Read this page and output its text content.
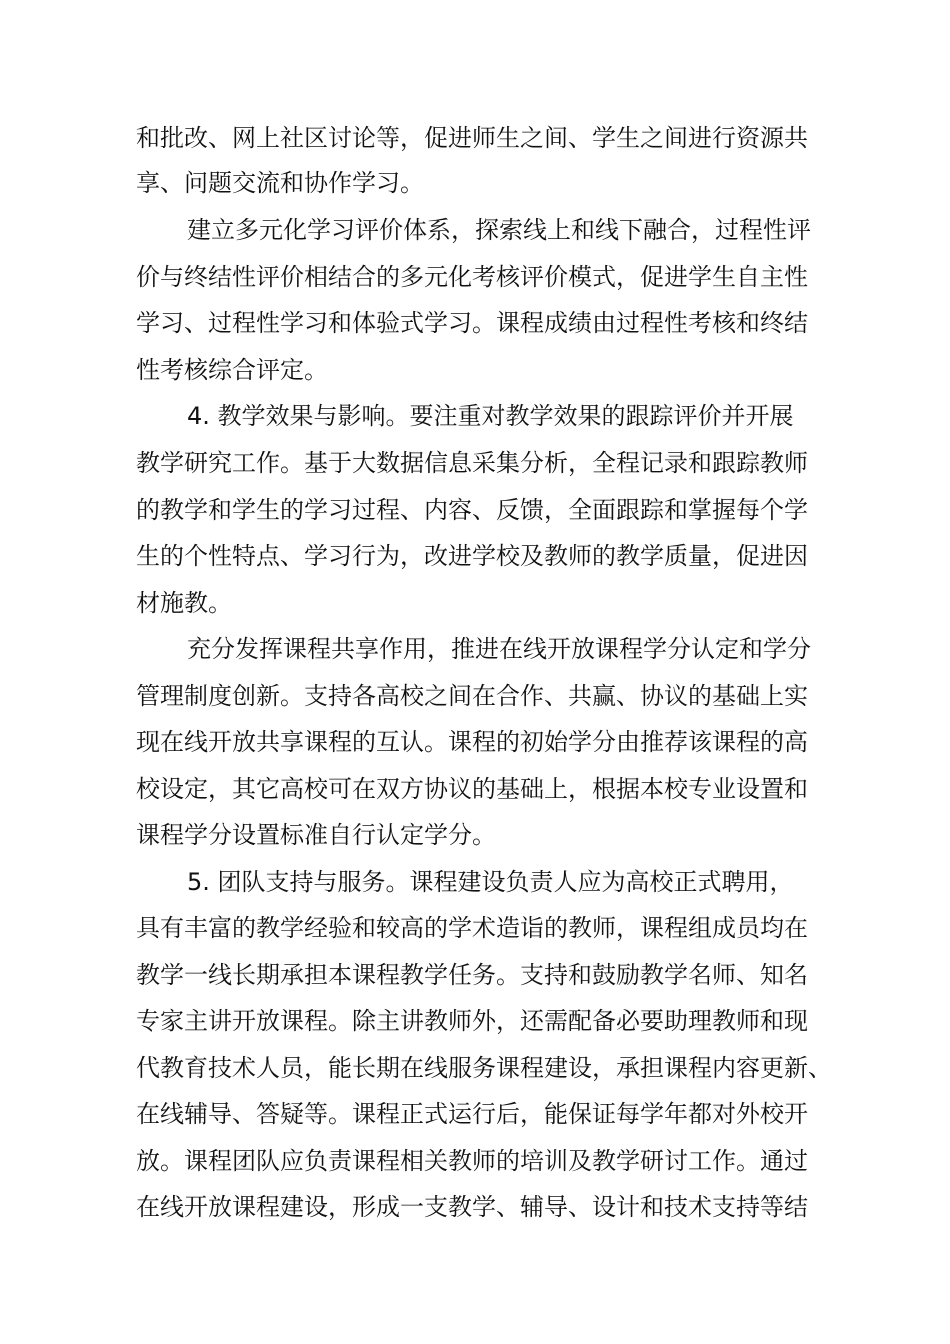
和批改、网上社区讨论等，促进师生之间、学生之间进行资源共

享、问题交流和协作学习。

建立多元化学习评价体系，探索线上和线下融合，过程性评

价与终结性评价相结合的多元化考核评价模式，促进学生自主性

学习、过程性学习和体验式学习。课程成绩由过程性考核和终结

性考核综合评定。

4. 教学效果与影响。要注重对教学效果的跟踪评价并开展

教学研究工作。基于大数据信息采集分析，全程记录和跟踪教师

的教学和学生的学习过程、内容、反馈，全面跟踪和掌握每个学

生的个性特点、学习行为，改进学校及教师的教学质量，促进因

材施教。

充分发挥课程共享作用，推进在线开放课程学分认定和学分

管理制度创新。支持各高校之间在合作、共赢、协议的基础上实

现在线开放共享课程的互认。课程的初始学分由推荐该课程的高

校设定，其它高校可在双方协议的基础上，根据本校专业设置和

课程学分设置标准自行认定学分。

5. 团队支持与服务。课程建设负责人应为高校正式聘用，

具有丰富的教学经验和较高的学术造诣的教师，课程组成员均在

教学一线长期承担本课程教学任务。支持和鼓励教学名师、知名

专家主讲开放课程。除主讲教师外，还需配备必要助理教师和现

代教育技术人员，能长期在线服务课程建设，承担课程内容更新、

在线辅导、答疑等。课程正式运行后，能保证每学年都对外校开

放。课程团队应负责课程相关教师的培训及教学研讨工作。通过

在线开放课程建设，形成一支教学、辅导、设计和技术支持等结
